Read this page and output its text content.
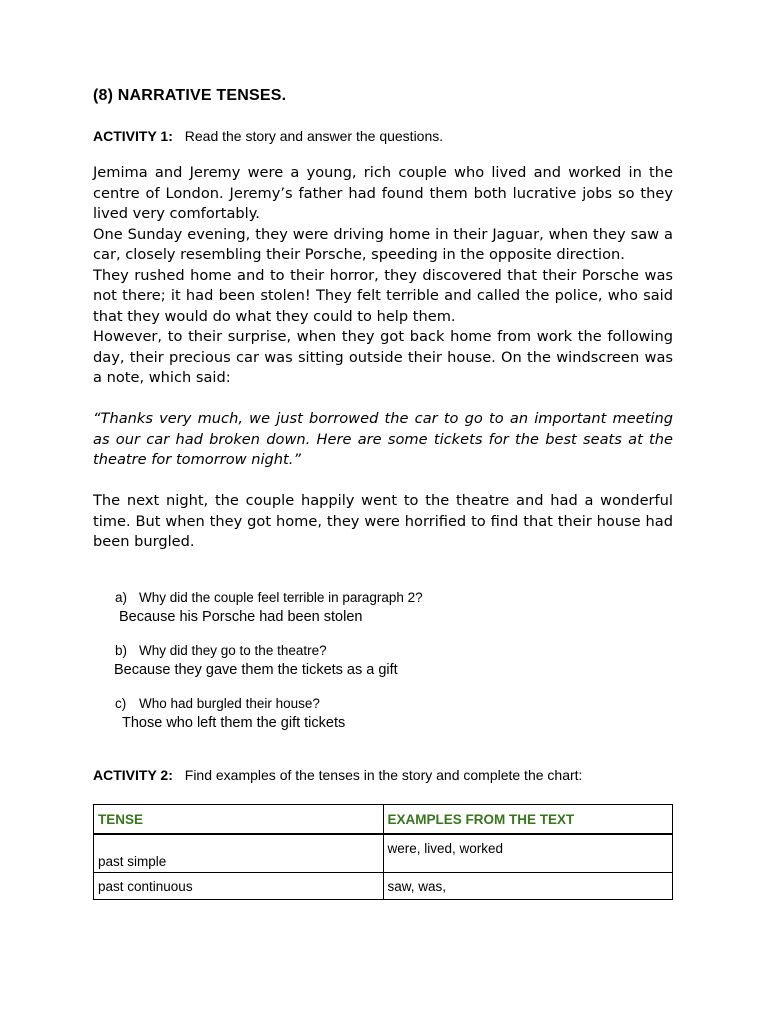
(8) NARRATIVE TENSES.
ACTIVITY 1: Read the story and answer the questions.

Jemima and Jeremy were a young, rich couple who lived and worked in the centre of London. Jeremy’s father had found them both lucrative jobs so they lived very comfortably.

One Sunday evening, they were driving home in their Jaguar, when they saw a car, closely resembling their Porsche, speeding in the opposite direction.

They rushed home and to their horror, they discovered that their Porsche was not there; it had been stolen! They felt terrible and called the police, who said that they would do what they could to help them.

However, to their surprise, when they got back home from work the following day, their precious car was sitting outside their house. On the windscreen was a note, which said:

“Thanks very much, we just borrowed the car to go to an important meeting as our car had broken down. Here are some tickets for the best seats at the theatre for tomorrow night.”

The next night, the couple happily went to the theatre and had a wonderful time. But when they got home, they were horrified to find that their house had been burgled.

a) Why did the couple feel terrible in paragraph 2?
Because his Porsche had been stolen
b) Why did they go to the theatre?
Because they gave them the tickets as a gift
c) Who had burgled their house?
Those who left them the gift tickets
ACTIVITY 2: Find examples of the tenses in the story and complete the chart:
TENSE	EXAMPLES FROM THE TEXT
past simple	were, lived, worked
past continuous	saw, was,
